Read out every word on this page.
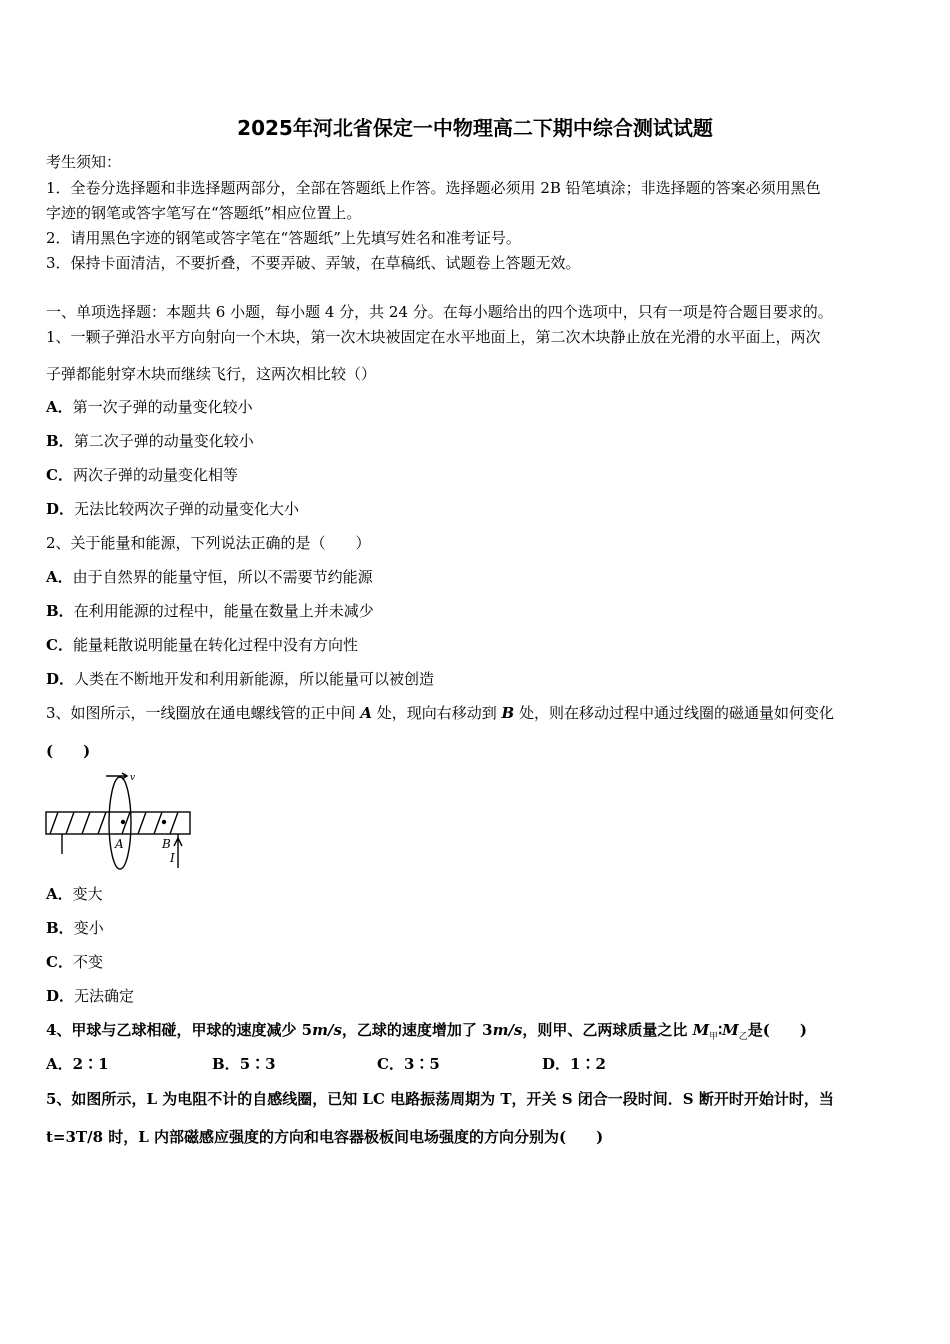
2025年河北省保定一中物理高二下期中综合测试试题
考生须知：
1．全卷分选择题和非选择题两部分，全部在答题纸上作答。选择题必须用 2B 铅笔填涂；非选择题的答案必须用黑色
字迹的钢笔或答字笔写在“答题纸”相应位置上。
2．请用黑色字迹的钢笔或答字笔在“答题纸”上先填写姓名和准考证号。
3．保持卡面清洁，不要折叠，不要弄破、弄皱，在草稿纸、试题卷上答题无效。
一、单项选择题：本题共 6 小题，每小题 4 分，共 24 分。在每小题给出的四个选项中，只有一项是符合题目要求的。
1、一颗子弹沿水平方向射向一个木块，第一次木块被固定在水平地面上，第二次木块静止放在光滑的水平面上，两次
子弹都能射穿木块而继续飞行，这两次相比较（）
A．第一次子弹的动量变化较小
B．第二次子弹的动量变化较小
C．两次子弹的动量变化相等
D．无法比较两次子弹的动量变化大小
2、关于能量和能源，下列说法正确的是（　　）
A．由于自然界的能量守恒，所以不需要节约能源
B．在利用能源的过程中，能量在数量上并未减少
C．能量耗散说明能量在转化过程中没有方向性
D．人类在不断地开发和利用新能源，所以能量可以被创造
3、如图所示，一线圈放在通电螺线管的正中间 A 处，现向右移动到 B 处，则在移动过程中通过线圈的磁通量如何变化
(　　)
v
A	B
I
A．变大
B．变小
C．不变
D．无法确定
4、甲球与乙球相碰，甲球的速度减少 5m/s，乙球的速度增加了 3m/s，则甲、乙两球质量之比 $M_甲∶M_乙$是(　　)
A．2∶1	B．5∶3	C．3∶5	D．1∶2
5、如图所示，L 为电阻不计的自感线圈，已知 LC 电路振荡周期为 T，开关 S 闭合一段时间．S 断开时开始计时，当
t=3T/8 时，L 内部磁感应强度的方向和电容器极板间电场强度的方向分别为(　　)
